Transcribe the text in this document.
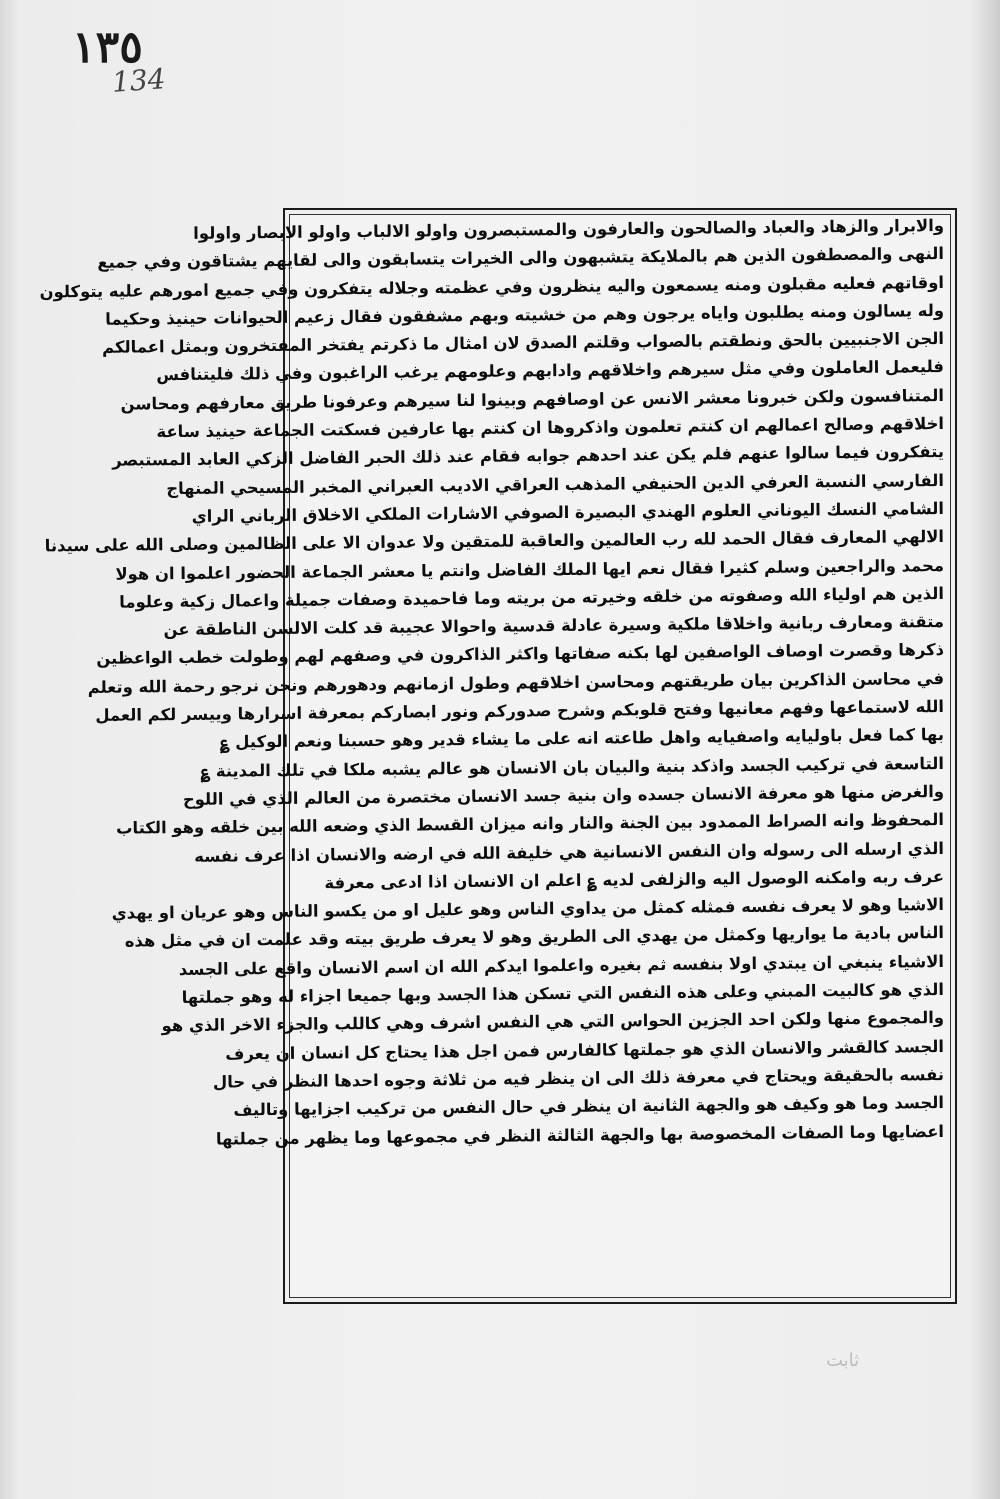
١٣٥
134
والابرار والزهاد والعباد والصالحون والعارفون والمستبصرون واولو الالباب واولو الابصار واولوا
النهى والمصطفون الذين هم بالملايكة يتشبهون والى الخيرات يتسابقون والى لقايهم يشتاقون وفي جميع
اوقاتهم فعليه مقبلون ومنه يسمعون واليه ينظرون وفي عظمته وجلاله يتفكرون وفي جميع امورهم عليه يتوكلون
وله يسالون ومنه يطلبون واياه يرجون وهم من خشيته وبهم مشفقون فقال زعيم الحيوانات حينيذ وحكيما
الجن الاجنبيين بالحق ونطقتم بالصواب وقلتم الصدق لان امثال ما ذكرتم يفتخر المفتخرون وبمثل اعمالكم
فليعمل العاملون وفي مثل سيرهم واخلاقهم وادابهم وعلومهم يرغب الراغبون وفي ذلك فليتنافس
المتنافسون ولكن خبرونا معشر الانس عن اوصافهم وبينوا لنا سيرهم وعرفونا طريق معارفهم ومحاسن
اخلاقهم وصالح اعمالهم ان كنتم تعلمون واذكروها ان كنتم بها عارفين فسكتت الجماعة حينيذ ساعة
يتفكرون فيما سالوا عنهم فلم يكن عند احدهم جوابه فقام عند ذلك الحبر الفاضل الزكي العابد المستبصر
الفارسي النسبة العرفي الدين الحنيفي المذهب العراقي الاديب العبراني المخبر المسيحي المنهاج
الشامي النسك اليوناني العلوم الهندي البصيرة الصوفي الاشارات الملكي الاخلاق الرباني الراي
الالهي المعارف فقال الحمد لله رب العالمين والعاقبة للمتقين ولا عدوان الا على الظالمين وصلى الله على سيدنا
محمد والراجعين وسلم كثيرا فقال نعم ايها الملك الفاضل وانتم يا معشر الجماعة الحضور اعلموا ان هولا
الذين هم اولياء الله وصفوته من خلقه وخيرته من بريته وما فاحميدة وصفات جميلة واعمال زكية وعلوما
متقنة ومعارف ربانية واخلاقا ملكية وسيرة عادلة قدسية واحوالا عجيبة قد كلت الالسن الناطقة عن
ذكرها وقصرت اوصاف الواصفين لها بكنه صفاتها واكثر الذاكرون في وصفهم لهم وطولت خطب الواعظين
في محاسن الذاكرين بيان طريقتهم ومحاسن اخلاقهم وطول ازمانهم ودهورهم ونحن نرجو رحمة الله وتعلم
الله لاستماعها وفهم معانيها وفتح قلوبكم وشرح صدوركم ونور ابصاركم بمعرفة اسرارها وييسر لكم العمل
بها كما فعل باوليايه واصفيايه واهل طاعته انه على ما يشاء قدير وهو حسبنا ونعم الوكيل ؏
التاسعة في تركيب الجسد واذكد بنية والبيان بان الانسان هو عالم يشبه ملكا في تلك المدينة ؏
والغرض منها هو معرفة الانسان جسده وان بنية جسد الانسان مختصرة من العالم الذي في اللوح
المحفوظ وانه الصراط الممدود بين الجنة والنار وانه ميزان القسط الذي وضعه الله بين خلقه وهو الكتاب
الذي ارسله الى رسوله وان النفس الانسانية هي خليفة الله في ارضه والانسان اذا عرف نفسه
عرف ربه وامكنه الوصول اليه والزلفى لديه ؏ اعلم ان الانسان اذا ادعى معرفة
الاشيا وهو لا يعرف نفسه فمثله كمثل من يداوي الناس وهو عليل او من يكسو الناس وهو عريان او يهدي
الناس بادية ما يواريها وكمثل من يهدي الى الطريق وهو لا يعرف طريق بيته وقد علمت ان في مثل هذه
الاشياء ينبغي ان يبتدي اولا بنفسه ثم بغيره واعلموا ايدكم الله ان اسم الانسان واقع على الجسد
الذي هو كالبيت المبني وعلى هذه النفس التي تسكن هذا الجسد وبها جميعا اجزاء له وهو جملتها
والمجموع منها ولكن احد الجزين الحواس التي هي النفس اشرف وهي كاللب والجزء الاخر الذي هو
الجسد كالقشر والانسان الذي هو جملتها كالفارس فمن اجل هذا يحتاج كل انسان ان يعرف
نفسه بالحقيقة ويحتاج في معرفة ذلك الى ان ينظر فيه من ثلاثة وجوه احدها النظر في حال
الجسد وما هو وكيف هو والجهة الثانية ان ينظر في حال النفس من تركيب اجزايها وتاليف
اعضايها وما الصفات المخصوصة بها والجهة الثالثة النظر في مجموعها وما يظهر من جملتها
ثابت
